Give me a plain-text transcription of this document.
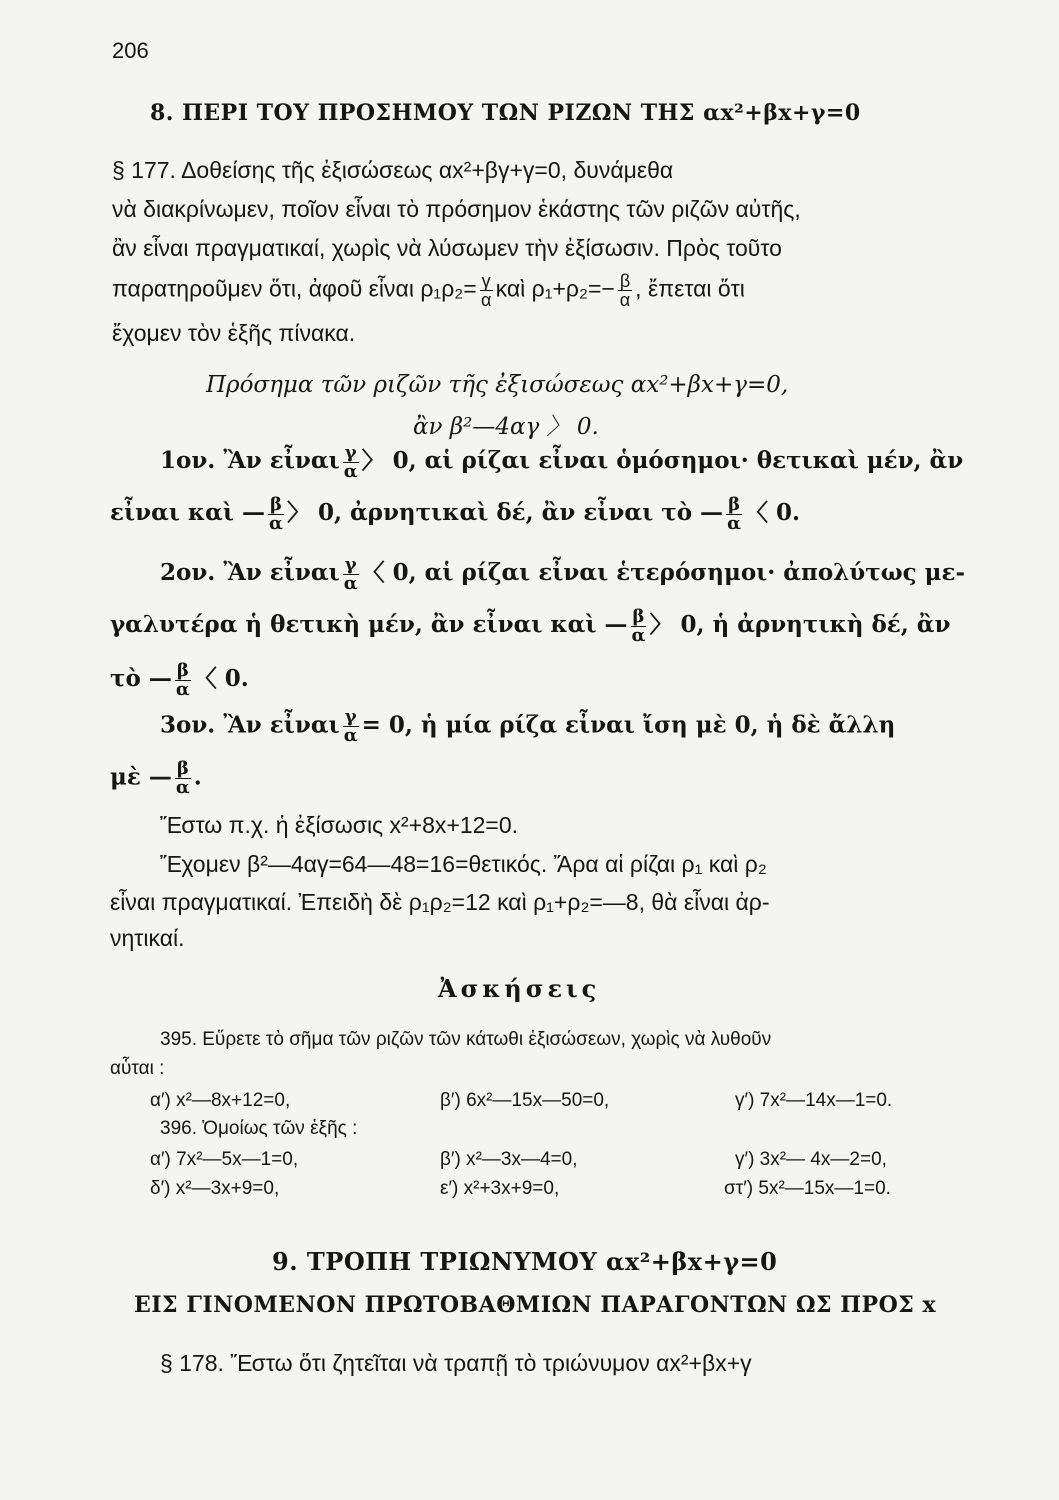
206
8. ΠΕΡΙ ΤΟΥ ΠΡΟΣΗΜΟΥ ΤΩΝ ΡΙΖΩΝ ΤΗΣ αx²+βx+γ=0
§ 177. Δοθείσης τῆς ἐξισώσεως αx²+βγ+γ=0, δυνάμεθα
νὰ διακρίνωμεν, ποῖον εἶναι τὸ πρόσημον ἑκάστης τῶν ριζῶν αὐτῆς,
ἂν εἶναι πραγματικαί, χωρὶς νὰ λύσωμεν τὴν ἐξίσωσιν. Πρὸς τοῦτο
παρατηροῦμεν ὅτι, ἀφοῦ εἶναι $\rho_1\rho_2= \frac{\gamma}{\alpha}$ καὶ $\rho_1+\rho_2=- \frac{\beta}{\alpha}$ , ἔπεται ὅτι
ἔχομεν τὸν ἑξῆς πίνακα.
Πρόσημα τῶν ριζῶν τῆς ἐξισώσεως αx²+βx+γ=0,
ἂν β²—4αγ 〉 0.
1ον. Ἂν εἶναι $\frac{\gamma}{\alpha}$ 〉 0, αἱ ρίζαι εἶναι ὁμόσημοι· θετικαὶ μέν, ἂν
εἶναι καὶ — $\frac{\beta}{\alpha}$ 〉 0, ἀρνητικαὶ δέ, ἂν εἶναι τὸ — $\frac{\beta}{\alpha}$ 〈 0.
2ον. Ἂν εἶναι $\frac{\gamma}{\alpha}$ 〈 0, αἱ ρίζαι εἶναι ἑτερόσημοι· ἀπολύτως με-
γαλυτέρα ἡ θετικὴ μέν, ἂν εἶναι καὶ — $\frac{\beta}{\alpha}$ 〉 0, ἡ ἀρνητικὴ δέ, ἂν
τὸ — $\frac{\beta}{\alpha}$ 〈 0.
3ον. Ἂν εἶναι $\frac{\gamma}{\alpha} = 0$, ἡ μία ρίζα εἶναι ἴση μὲ 0, ἡ δὲ ἄλλη
μὲ — $\frac{\beta}{\alpha}$ .
Ἔστω π.χ. ἡ ἐξίσωσις x²+8x+12=0.
Ἔχομεν β²—4αγ=64—48=16=θετικός. Ἄρα αἱ ρίζαι ρ₁ καὶ ρ₂
εἶναι πραγματικαί. Ἐπειδὴ δὲ ρ₁ρ₂=12 καὶ ρ₁+ρ₂=—8, θὰ εἶναι ἀρ-
νητικαί.
Ἀσκήσεις
395. Εὕρετε τὸ σῆμα τῶν ριζῶν τῶν κάτωθι ἐξισώσεων, χωρὶς νὰ λυθοῦν
αὗται :
α′) x²—8x+12=0,	β′) 6x²—15x—50=0,	γ′) 7x²—14x—1=0.
396. Ὁμοίως τῶν ἑξῆς :
α′) 7x²—5x—1=0,	β′) x²—3x—4=0,	γ′) 3x²— 4x—2=0,
δ′) x²—3x+9=0,	ε′) x²+3x+9=0,	στ′) 5x²—15x—1=0.
9. ΤΡΟΠΗ ΤΡΙΩΝΥΜΟΥ αx²+βx+γ=0
ΕΙΣ ΓΙΝΟΜΕΝΟΝ ΠΡΩΤΟΒΑΘΜΙΩΝ ΠΑΡΑΓΟΝΤΩΝ ΩΣ ΠΡΟΣ x
§ 178. Ἔστω ὅτι ζητεῖται νὰ τραπῇ τὸ τριώνυμον αx²+βx+γ
